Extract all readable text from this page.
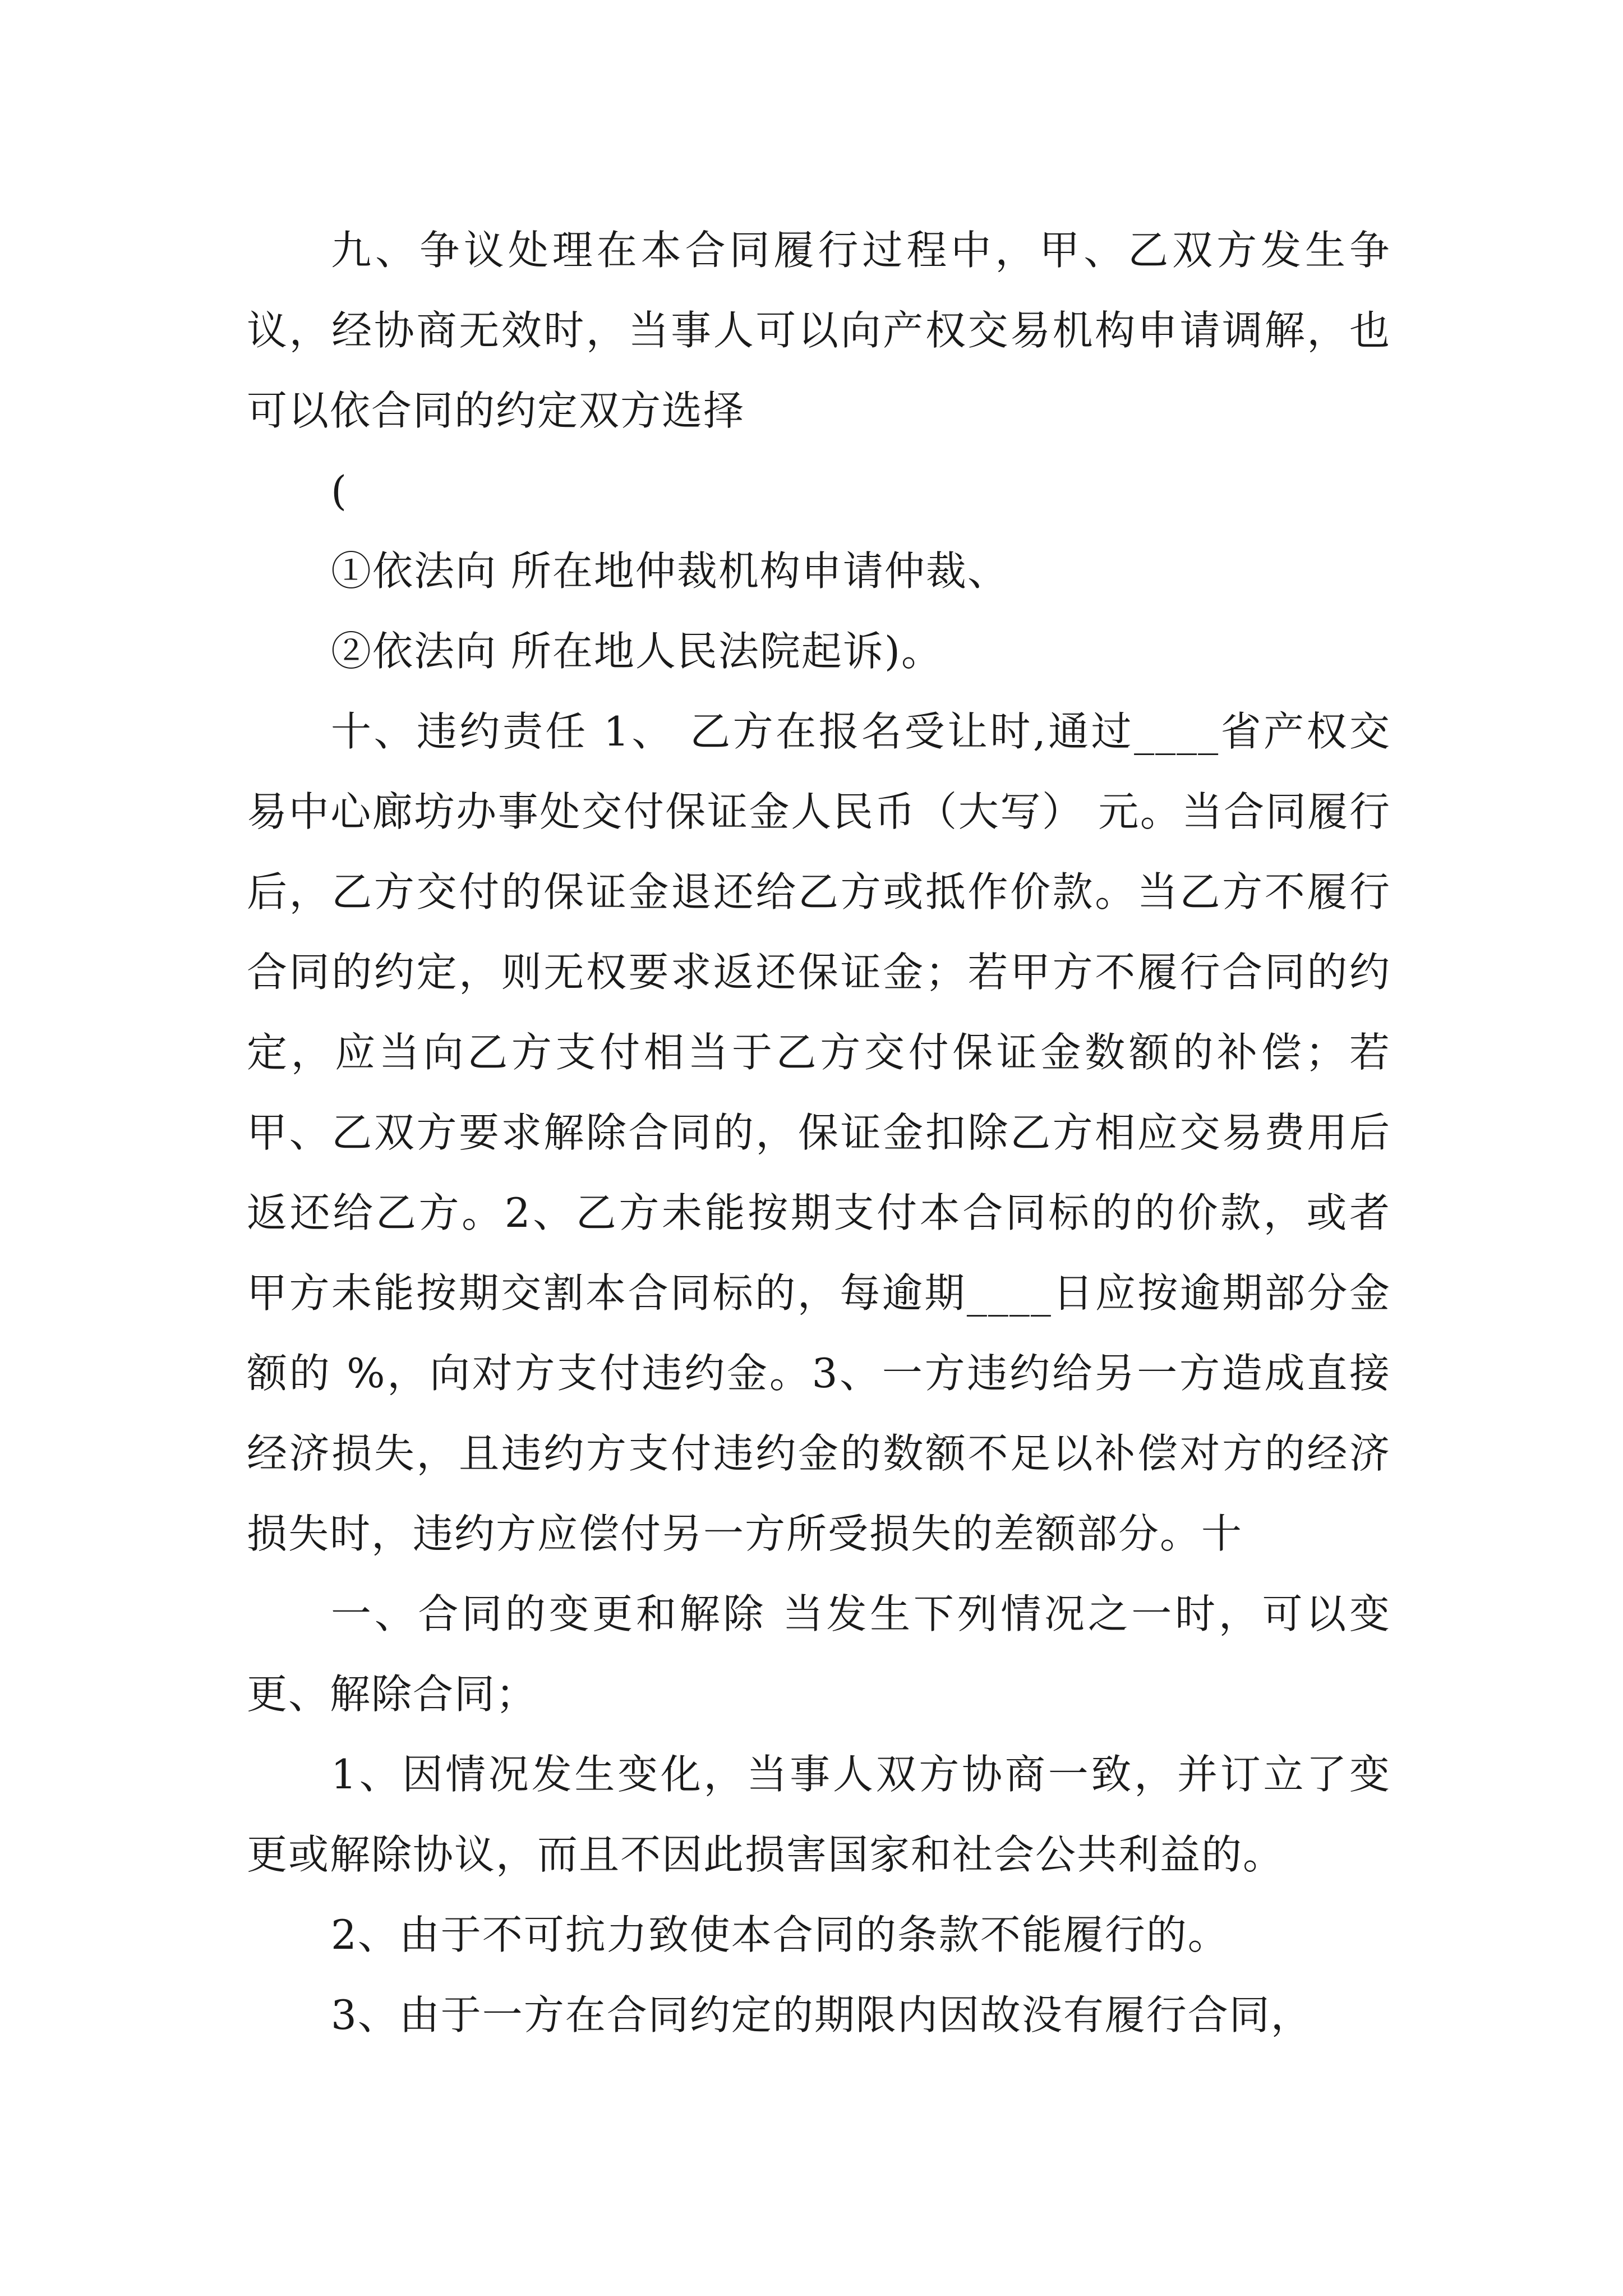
九、争议处理在本合同履行过程中，甲、乙双方发生争议，经协商无效时，当事人可以向产权交易机构申请调解，也可以依合同的约定双方选择

(

①依法向 所在地仲裁机构申请仲裁、

②依法向 所在地人民法院起诉)。

十、违约责任 1、 乙方在报名受让时,通过____省产权交易中心廊坊办事处交付保证金人民币（大写） 元。当合同履行后，乙方交付的保证金退还给乙方或抵作价款。当乙方不履行合同的约定，则无权要求返还保证金；若甲方不履行合同的约定，应当向乙方支付相当于乙方交付保证金数额的补偿；若甲、乙双方要求解除合同的，保证金扣除乙方相应交易费用后返还给乙方。2、乙方未能按期支付本合同标的的价款，或者甲方未能按期交割本合同标的，每逾期____日应按逾期部分金额的 %，向对方支付违约金。3、一方违约给另一方造成直接经济损失，且违约方支付违约金的数额不足以补偿对方的经济损失时，违约方应偿付另一方所受损失的差额部分。十

一、合同的变更和解除 当发生下列情况之一时，可以变更、解除合同；

1、因情况发生变化，当事人双方协商一致，并订立了变更或解除协议，而且不因此损害国家和社会公共利益的。

2、由于不可抗力致使本合同的条款不能履行的。

3、由于一方在合同约定的期限内因故没有履行合同，
